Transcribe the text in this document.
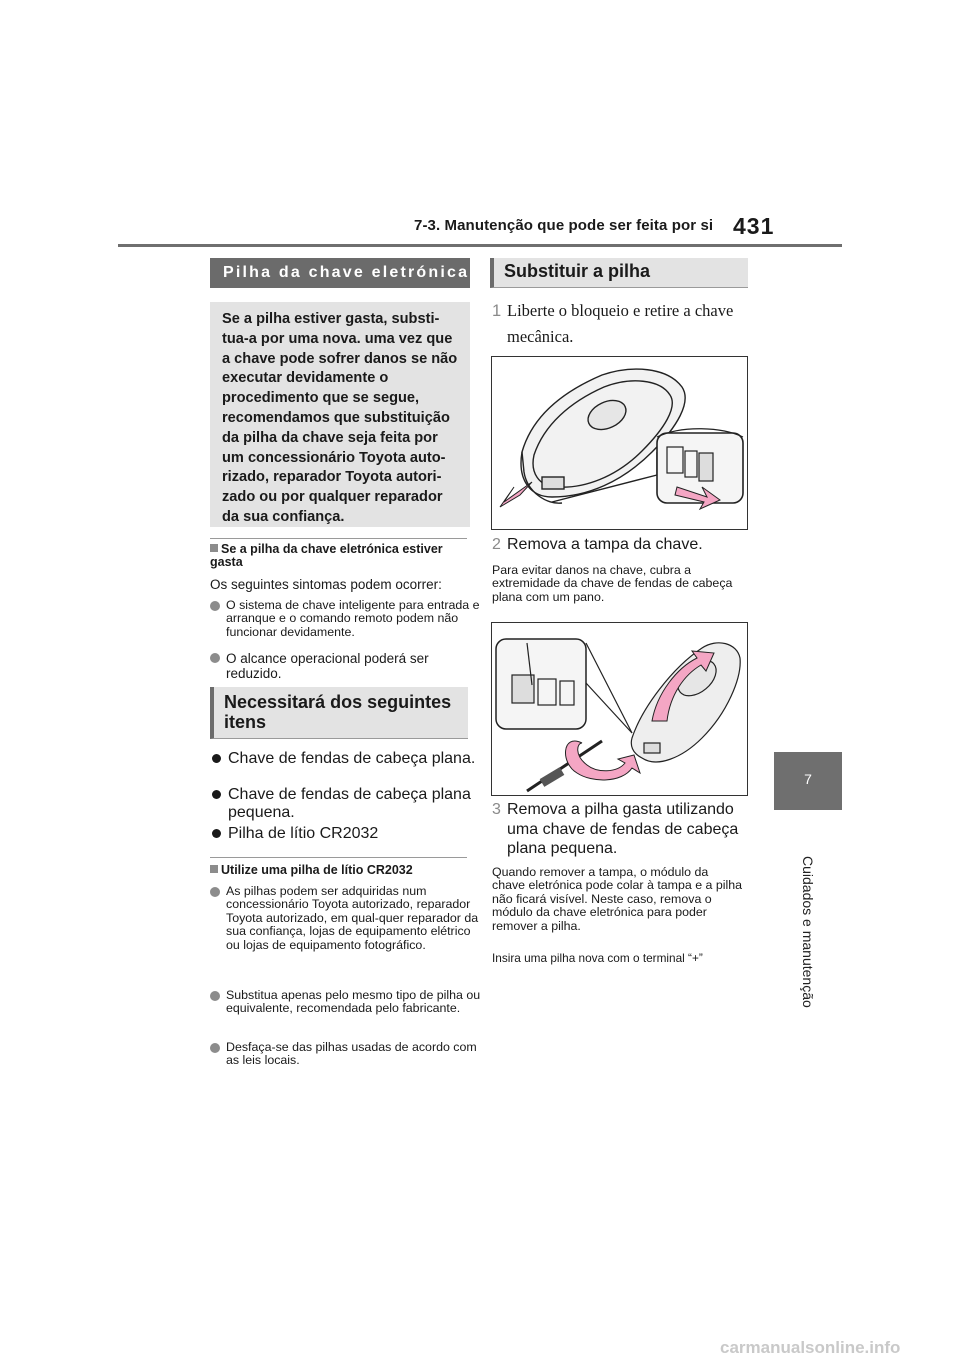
7-3. Manutenção que pode ser feita por si 431
7
Cuidados e manutenção
Pilha da chave eletrónica
Se a pilha estiver gasta, substi-tua-a por uma nova. uma vez que a chave pode sofrer danos se não executar devidamente o procedimento que se segue, recomendamos que substituição da pilha da chave seja feita por um concessionário Toyota auto-rizado, reparador Toyota autori-zado ou por qualquer reparador da sua confiança.
Se a pilha da chave eletrónica estiver gasta
Os seguintes sintomas podem ocorrer:
O sistema de chave inteligente para entrada e arranque e o comando remoto podem não funcionar devidamente.
O alcance operacional poderá ser reduzido.
Necessitará dos seguintes itens
Chave de fendas de cabeça plana.
Chave de fendas de cabeça plana pequena.
Pilha de lítio CR2032
Utilize uma pilha de lítio CR2032
As pilhas podem ser adquiridas num concessionário Toyota autorizado, reparador Toyota autorizado, em qual-quer reparador da sua confiança, lojas de equipamento elétrico ou lojas de equipamento fotográfico.
Substitua apenas pelo mesmo tipo de pilha ou equivalente, recomendada pelo fabricante.
Desfaça-se das pilhas usadas de acordo com as leis locais.
Substituir a pilha
1 Liberte o bloqueio e retire a chave mecânica.
2 Remova a tampa da chave.
Para evitar danos na chave, cubra a extremidade da chave de fendas de cabeça plana com um pano.
3 Remova a pilha gasta utilizando uma chave de fendas de cabeça plana pequena.
Quando remover a tampa, o módulo da chave eletrónica pode colar à tampa e a pilha não ficará visível. Neste caso, remova o módulo da chave eletrónica para poder remover a pilha.
Insira uma pilha nova com o terminal “+”
carmanualsonline.info
